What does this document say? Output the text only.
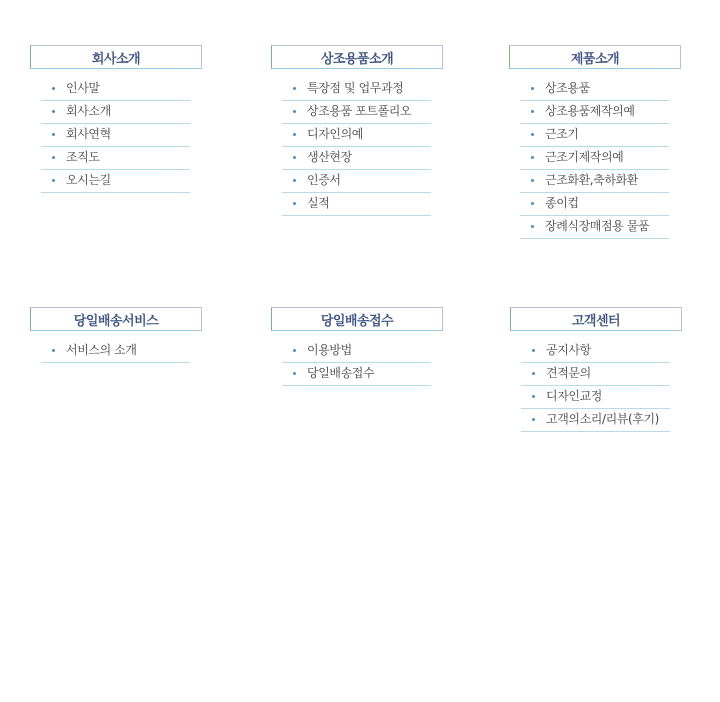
회사소개
인사말
회사소개
회사연혁
조직도
오시는길
상조용품소개
특장점 및 업무과정
상조용품 포트폴리오
디자인의예
생산현장
인증서
실적
제품소개
상조용품
상조용품제작의예
근조기
근조기제작의예
근조화환,축하화환
종이컵
장례식장매점용 물품
당일배송서비스
서비스의 소개
당일배송접수
이용방법
당일배송접수
고객센터
공지사항
견적문의
디자인교정
고객의소리/리뷰(후기)
